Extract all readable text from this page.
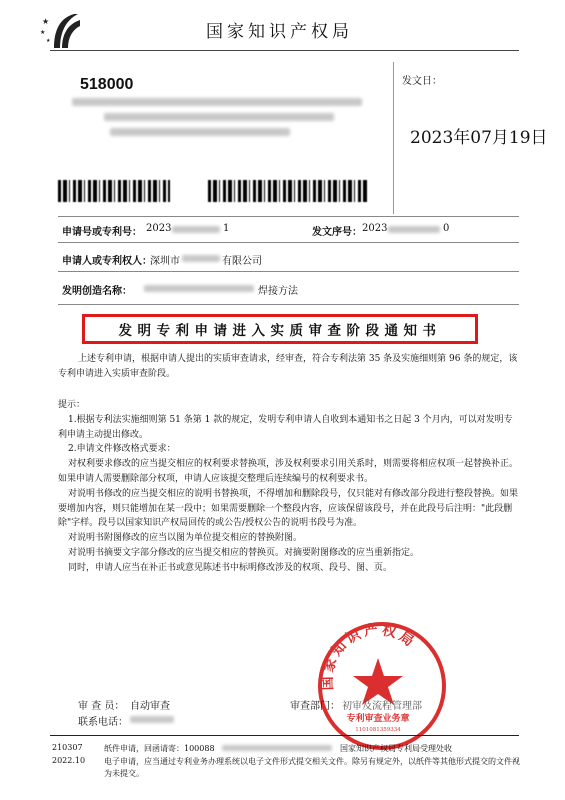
★
★
★	国家知识产权局
发文日：
2023年07月19日
518000
申请号或专利号： 2023	1	发文序号： 2023	0
申请人或专利权人：
深圳市	有限公司
发明创造名称：	焊接方法
发明专利申请进入实质审查阶段通知书
上述专利申请，根据申请人提出的实质审查请求，经审查，符合专利法第 35 条及实施细则第 96 条的规定，该专利申请进入实质审查阶段。
提示：
1.根据专利法实施细则第 51 条第 1 款的规定，发明专利申请人自收到本通知书之日起 3 个月内，可以对发明专利申请主动提出修改。
2.申请文件修改格式要求：
对权利要求修改的应当提交相应的权利要求替换项，涉及权利要求引用关系时，则需要将相应权项一起替换补正。如果申请人需要删除部分权项，申请人应该提交整理后连续编号的权利要求书。
对说明书修改的应当提交相应的说明书替换项，不得增加和删除段号，仅只能对有修改部分段进行整段替换。如果要增加内容，则只能增加在某一段中；如果需要删除一个整段内容，应该保留该段号，并在此段号后注明："此段删除"字样。段号以国家知识产权局回传的或公告/授权公告的说明书段号为准。
对说明书附图修改的应当以图为单位提交相应的替换附图。
对说明书摘要文字部分修改的应当提交相应的替换页。对摘要附图修改的应当重新指定。
同时，申请人应当在补正书或意见陈述书中标明修改涉及的权项、段号、图、页。
国家知识产权局
专利审查业务章
1101081359334
审 查 员： 自动审查
联系电话：
审查部门： 初审及流程管理部
210307
2022.10
纸件申请，回函请寄：100088	国家知识产权局专利局受理处收
电子申请，应当通过专利业务办理系统以电子文件形式提交相关文件。除另有规定外，以纸件等其他形式提交的文件视为未提交。
